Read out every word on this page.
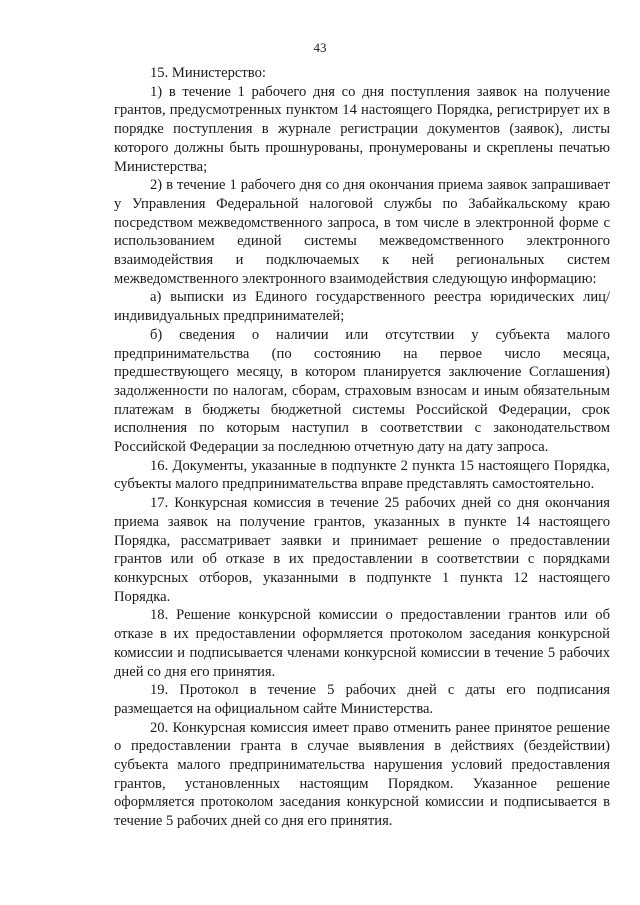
43

15. Министерство:

1) в течение 1 рабочего дня со дня поступления заявок на получение грантов, предусмотренных пунктом 14 настоящего Порядка, регистрирует их в порядке поступления в журнале регистрации документов (заявок), листы которого должны быть прошнурованы, пронумерованы и скреплены печатью Министерства;

2) в течение 1 рабочего дня со дня окончания приема заявок запрашивает у Управления Федеральной налоговой службы по Забайкальскому краю посредством межведомственного запроса, в том числе в электронной форме с использованием единой системы межведомственного электронного взаимодействия и подключаемых к ней региональных систем межведомственного электронного взаимодействия следующую информацию:

а) выписки из Единого государственного реестра юридических лиц/индивидуальных предпринимателей;

б) сведения о наличии или отсутствии у субъекта малого предпринимательства (по состоянию на первое число месяца, предшествующего месяцу, в котором планируется заключение Соглашения) задолженности по налогам, сборам, страховым взносам и иным обязательным платежам в бюджеты бюджетной системы Российской Федерации, срок исполнения по которым наступил в соответствии с законодательством Российской Федерации за последнюю отчетную дату на дату запроса.

16. Документы, указанные в подпункте 2 пункта 15 настоящего Порядка, субъекты малого предпринимательства вправе представлять самостоятельно.

17. Конкурсная комиссия в течение 25 рабочих дней со дня окончания приема заявок на получение грантов, указанных в пункте 14 настоящего Порядка, рассматривает заявки и принимает решение о предоставлении грантов или об отказе в их предоставлении в соответствии с порядками конкурсных отборов, указанными в подпункте 1 пункта 12 настоящего Порядка.

18. Решение конкурсной комиссии о предоставлении грантов или об отказе в их предоставлении оформляется протоколом заседания конкурсной комиссии и подписывается членами конкурсной комиссии в течение 5 рабочих дней со дня его принятия.

19. Протокол в течение 5 рабочих дней с даты его подписания размещается на официальном сайте Министерства.

20. Конкурсная комиссия имеет право отменить ранее принятое решение о предоставлении гранта в случае выявления в действиях (бездействии) субъекта малого предпринимательства нарушения условий предоставления грантов, установленных настоящим Порядком. Указанное решение оформляется протоколом заседания конкурсной комиссии и подписывается в течение 5 рабочих дней со дня его принятия.
